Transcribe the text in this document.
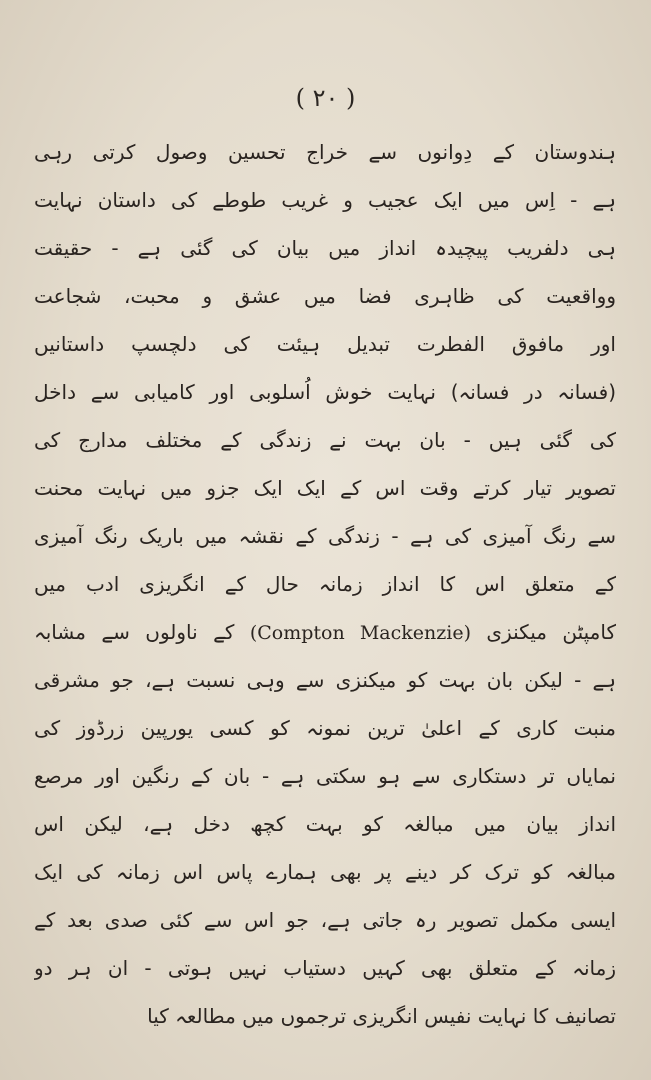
( ۲۰ )
ہندوستان کے دِوانوں سے خراج تحسین وصول کرتی رہی
ہے - اِس میں ایک عجیب و غریب طوطے کی داستان نہایت
ہی دلفریب پیچیدہ انداز میں بیان کی گئی ہے - حقیقت
وواقعیت کی ظاہری فضا میں عشق و محبت، شجاعت
اور مافوق الفطرت تبدیل ہیئت کی دلچسپ داستانیں
(فسانہ در فسانہ) نہایت خوش اُسلوبی اور کامیابی سے داخل
کی گئی ہیں - بان بہت نے زندگی کے مختلف مدارج کی
تصویر تیار کرتے وقت اس کے ایک ایک جزو میں نہایت محنت
سے رنگ آمیزی کی ہے - زندگی کے نقشہ میں باریک رنگ آمیزی
کے متعلق اس کا انداز زمانہ حال کے انگریزی ادب میں
کامپٹن میکنزی (Compton Mackenzie) کے ناولوں سے مشابہ
ہے - لیکن بان بہت کو میکنزی سے وہی نسبت ہے، جو مشرقی
منبت کاری کے اعلیٰ ترین نمونہ کو کسی یورپین زرڈوز کی
نمایاں تر دستکاری سے ہو سکتی ہے - بان کے رنگین اور مرصع
انداز بیان میں مبالغہ کو بہت کچھ دخل ہے، لیکن اس
مبالغہ کو ترک کر دینے پر بھی ہمارے پاس اس زمانہ کی ایک
ایسی مکمل تصویر رہ جاتی ہے، جو اس سے کئی صدی بعد کے
زمانہ کے متعلق بھی کہیں دستیاب نہیں ہوتی - ان ہر دو
تصانیف کا نہایت نفیس انگریزی ترجموں میں مطالعہ کیا
